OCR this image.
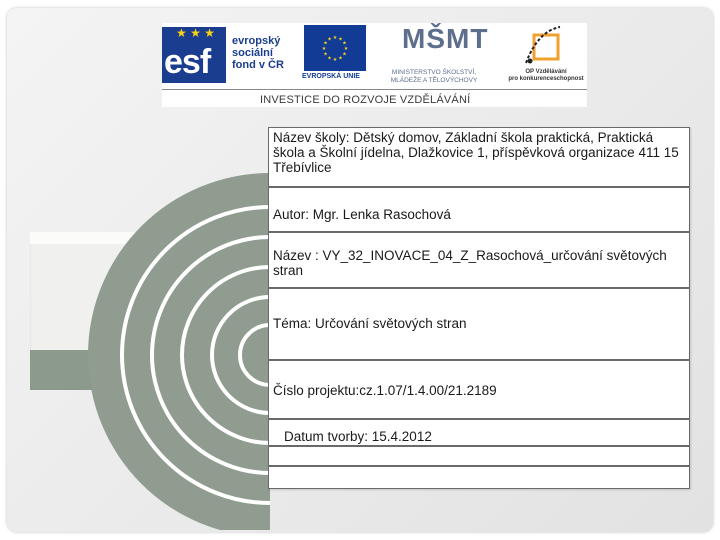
★ ★ ★
esf
evropský
sociální
fond v ČR
★
★
★
★
★
★
★
★
★ ★ ★
★
EVROPSKÁ UNIE
MŠMT
MINISTERSTVO ŠKOLSTVÍ,
MLÁDEŽE A TĚLOVÝCHOVY
OP Vzdělávání
pro konkurenceschopnost
INVESTICE DO ROZVOJE VZDĚLÁVÁNÍ
Název školy: Dětský domov, Základní škola praktická, Praktická škola a Školní jídelna, Dlažkovice 1, příspěvková organizace 411 15 Třebívlice
Autor: Mgr. Lenka Rasochová
Název : VY_32_INOVACE_04_Z_Rasochová_určování světových stran
Téma: Určování světových stran
Číslo projektu:cz.1.07/1.4.00/21.2189
Datum tvorby: 15.4.2012
